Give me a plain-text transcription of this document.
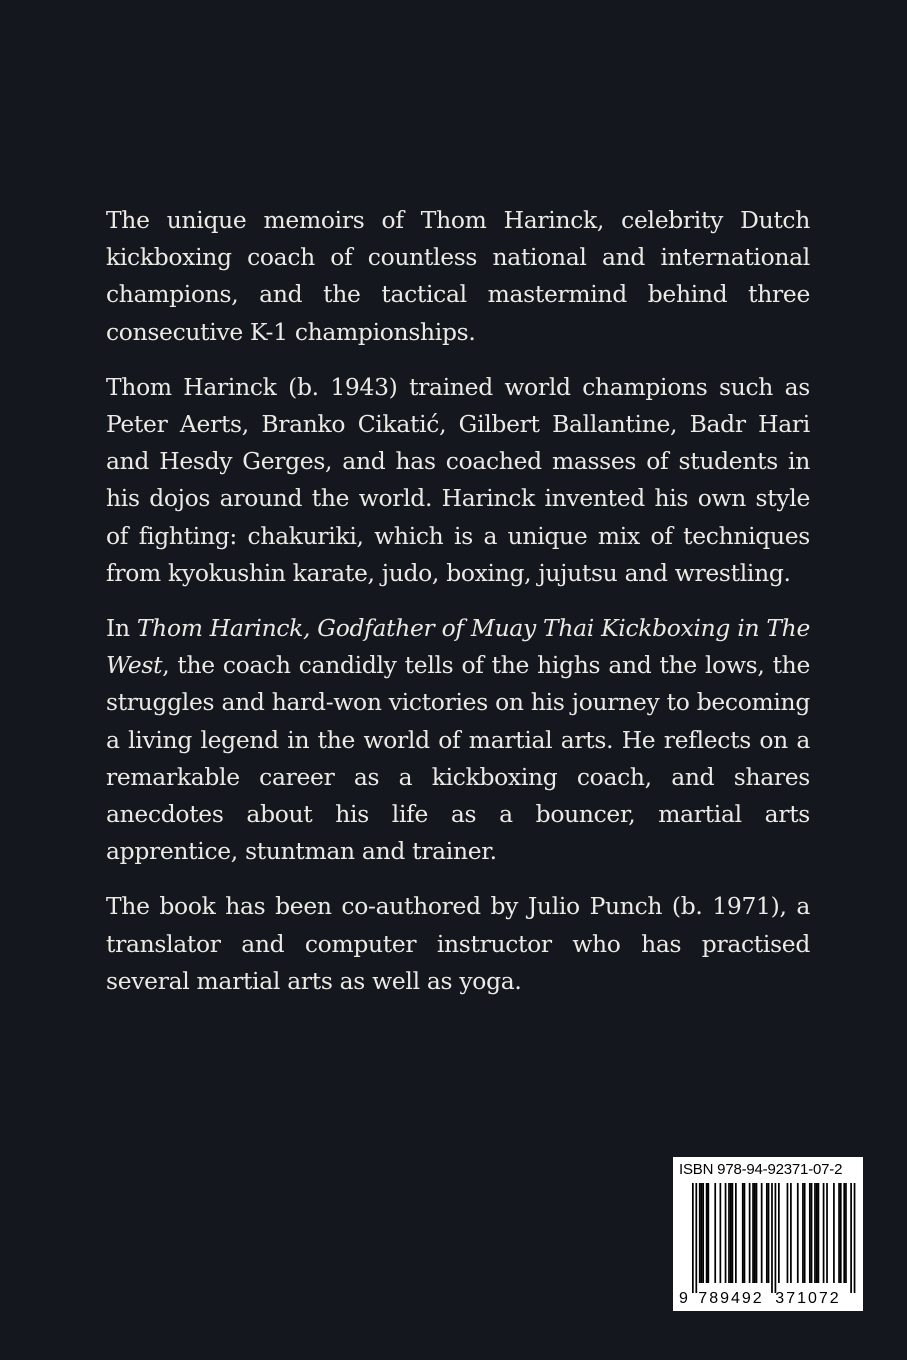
The unique memoirs of Thom Harinck, celebrity Dutch kickboxing coach of countless national and international champions, and the tactical mastermind behind three consecutive K-1 championships.

Thom Harinck (b. 1943) trained world champions such as Peter Aerts, Branko Cikatić, Gilbert Ballantine, Badr Hari and Hesdy Gerges, and has coached masses of students in his dojos around the world. Harinck invented his own style of fighting: chakuriki, which is a unique mix of techniques from kyokushin karate, judo, boxing, jujutsu and wrestling.

In Thom Harinck, Godfather of Muay Thai Kickboxing in The West, the coach candidly tells of the highs and the lows, the struggles and hard-won victories on his journey to becoming a living legend in the world of martial arts. He reflects on a remarkable career as a kickboxing coach, and shares anecdotes about his life as a bouncer, martial arts apprentice, stuntman and trainer.

The book has been co-authored by Julio Punch (b. 1971), a translator and computer instructor who has practised several martial arts as well as yoga.

ISBN 978-94-92371-07-2
9 789492 371072
